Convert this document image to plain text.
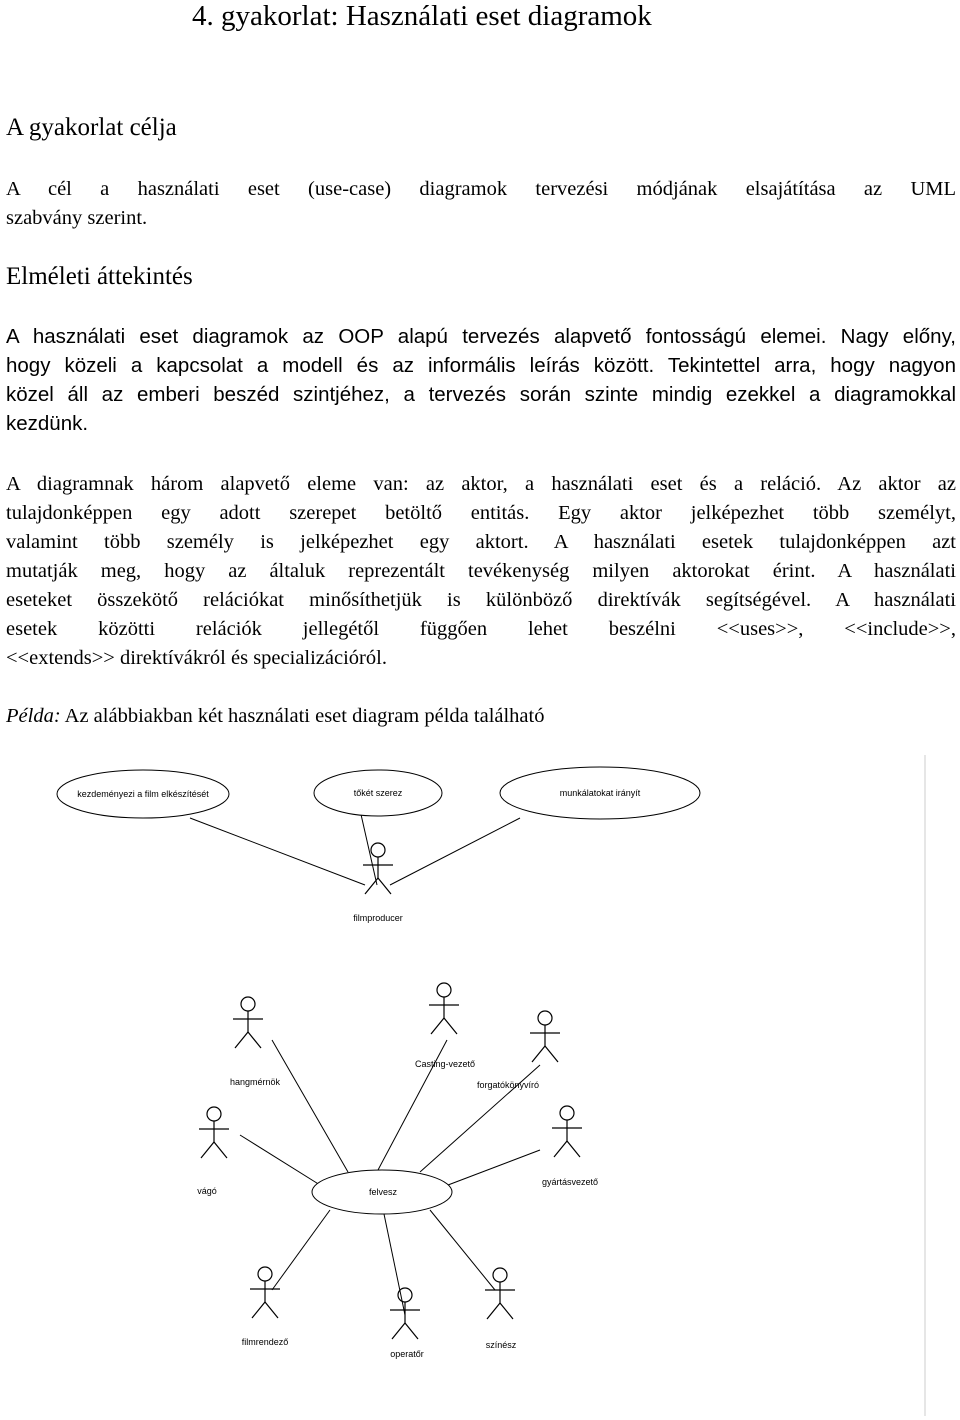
4. gyakorlat: Használati eset diagramok
A gyakorlat célja
A cél a használati eset (use-case) diagramok tervezési módjának elsajátítása az UML
szabvány szerint.
Elméleti áttekintés
A használati eset diagramok az OOP alapú tervezés alapvető fontosságú elemei. Nagy előny,
hogy közeli a kapcsolat a modell és az informális leírás között. Tekintettel arra, hogy nagyon
közel áll az emberi beszéd szintjéhez, a tervezés során szinte mindig ezekkel a diagramokkal
kezdünk.
A diagramnak három alapvető eleme van: az aktor, a használati eset és a reláció. Az aktor az
tulajdonképpen egy adott szerepet betöltő entitás. Egy aktor jelképezhet több személyt,
valamint több személy is jelképezhet egy aktort. A használati esetek tulajdonképpen azt
mutatják meg, hogy az általuk reprezentált tevékenység milyen aktorokat érint. A használati
eseteket összekötő relációkat minősíthetjük is különböző direktívák segítségével. A használati
esetek közötti relációk jellegétől függően lehet beszélni <<uses>>, <<include>>,
<<extends>> direktívákról és specializációról.
Példa: Az alábbiakban két használati eset diagram példa található
kezdeményezi a film elkészítését	tőkét szerez	munkálatokat irányít
felvesz
filmproducer
hangmérnök
Casting-vezető
forgatókönyvíró
vágó
gyártásvezető
filmrendező
operatőr
színész
